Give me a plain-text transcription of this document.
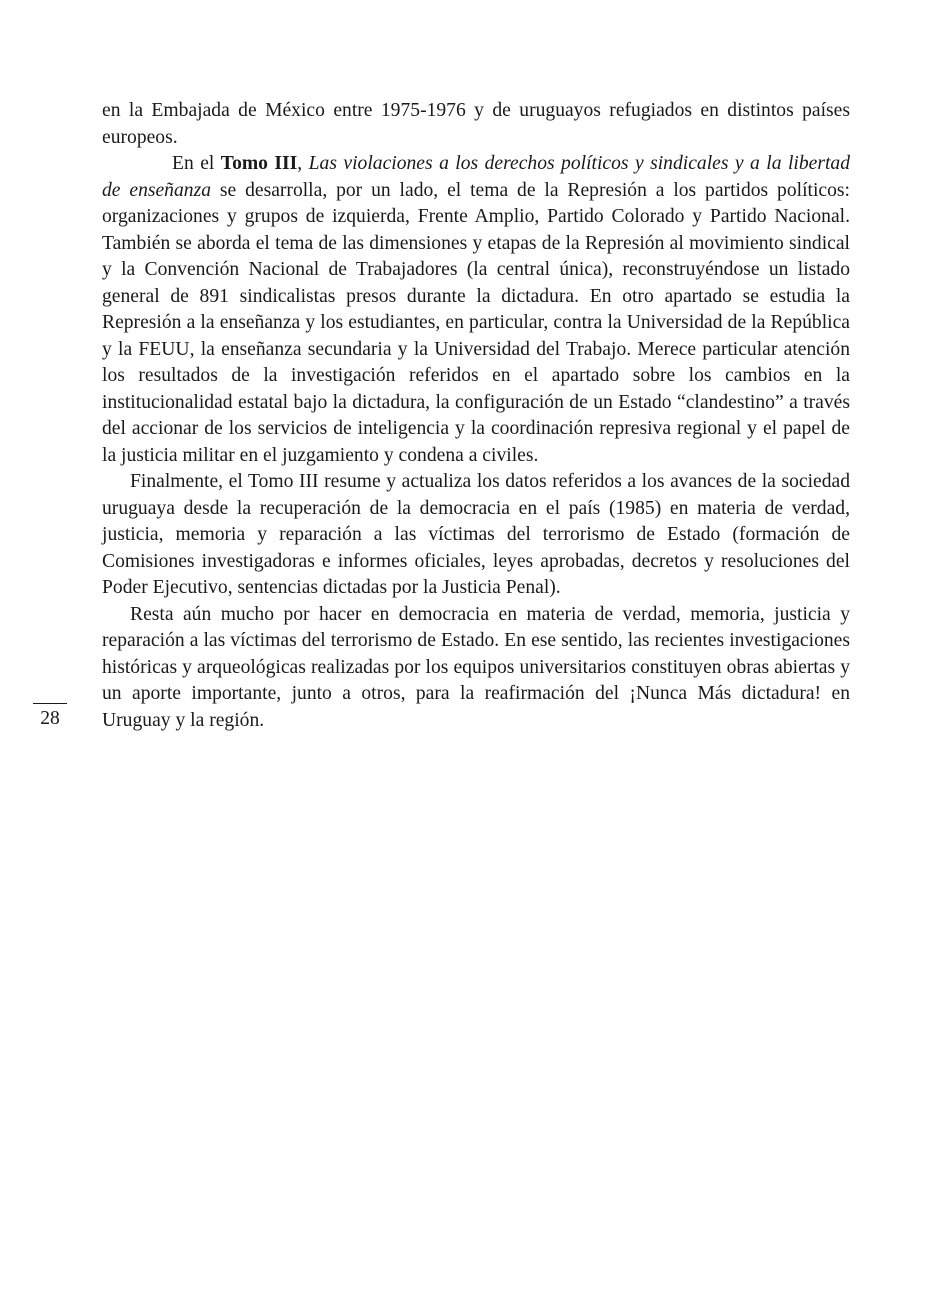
en la Embajada de México entre 1975-1976 y de uruguayos refugiados en distintos países europeos.

En el Tomo III, Las violaciones a los derechos políticos y sindicales y a la libertad de enseñanza se desarrolla, por un lado, el tema de la Represión a los partidos políticos: organizaciones y grupos de izquierda, Frente Amplio, Partido Colorado y Partido Nacional. También se aborda el tema de las dimensiones y etapas de la Represión al movimiento sindical y la Convención Nacional de Trabajadores (la central única), reconstruyéndose un listado general de 891 sindicalistas presos durante la dictadura. En otro apartado se estudia la Represión a la enseñanza y los estudiantes, en particular, contra la Universidad de la República y la FEUU, la enseñanza secundaria y la Universidad del Trabajo. Merece particular atención los resultados de la investigación referidos en el apartado sobre los cambios en la institucionalidad estatal bajo la dictadura, la configuración de un Estado “clandestino” a través del accionar de los servicios de inteligencia y la coordinación represiva regional y el papel de la justicia militar en el juzgamiento y condena a civiles.

Finalmente, el Tomo III resume y actualiza los datos referidos a los avances de la sociedad uruguaya desde la recuperación de la democracia en el país (1985) en materia de verdad, justicia, memoria y reparación a las víctimas del terrorismo de Estado (formación de Comisiones investigadoras e informes oficiales, leyes aprobadas, decretos y resoluciones del Poder Ejecutivo, sentencias dictadas por la Justicia Penal).

Resta aún mucho por hacer en democracia en materia de verdad, memoria, justicia y reparación a las víctimas del terrorismo de Estado. En ese sentido, las recientes investigaciones históricas y arqueológicas realizadas por los equipos universitarios constituyen obras abiertas y un aporte importante, junto a otros, para la reafirmación del ¡Nunca Más dictadura! en Uruguay y la región.

28
